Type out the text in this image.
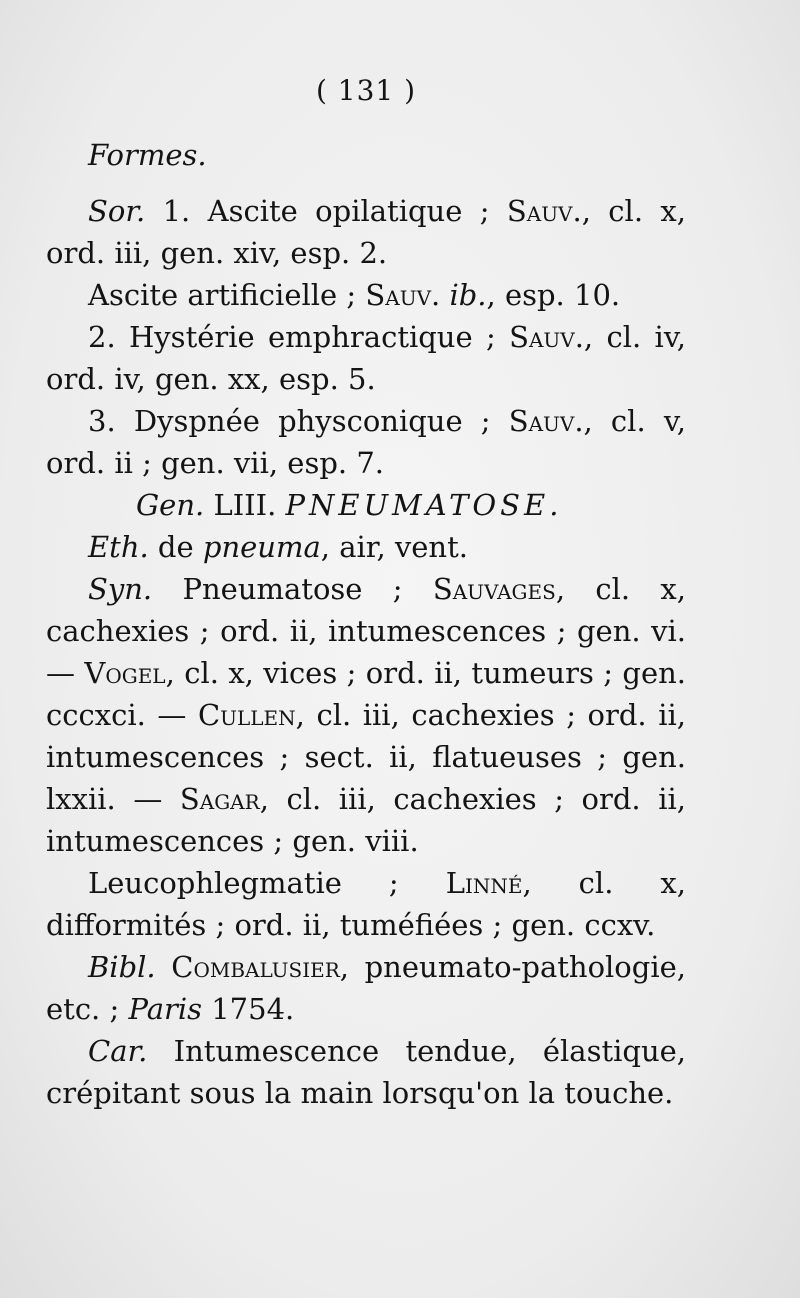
( 131 )

Formes.

Sor. 1. Ascite opilatique ; Sauv., cl. x, ord. iii, gen. xiv, esp. 2.

Ascite artificielle ; Sauv. ib., esp. 10.

2. Hystérie emphractique ; Sauv., cl. iv, ord. iv, gen. xx, esp. 5.

3. Dyspnée physconique ; Sauv., cl. v, ord. ii ; gen. vii, esp. 7.

Gen. LIII. PNEUMATOSE.

Eth. de pneuma, air, vent.

Syn. Pneumatose ; Sauvages, cl. x, cachexies ; ord. ii, intumescences ; gen. vi. — Vogel, cl. x, vices ; ord. ii, tumeurs ; gen. cccxci. — Cullen, cl. iii, cachexies ; ord. ii, intumescences ; sect. ii, flatueuses ; gen. lxxii. — Sagar, cl. iii, cachexies ; ord. ii, intumescences ; gen. viii.

Leucophlegmatie ; Linné, cl. x, difformités ; ord. ii, tuméfiées ; gen. ccxv.

Bibl. Combalusier, pneumato-pathologie, etc. ; Paris 1754.

Car. Intumescence tendue, élastique, crépitant sous la main lorsqu'on la touche.
